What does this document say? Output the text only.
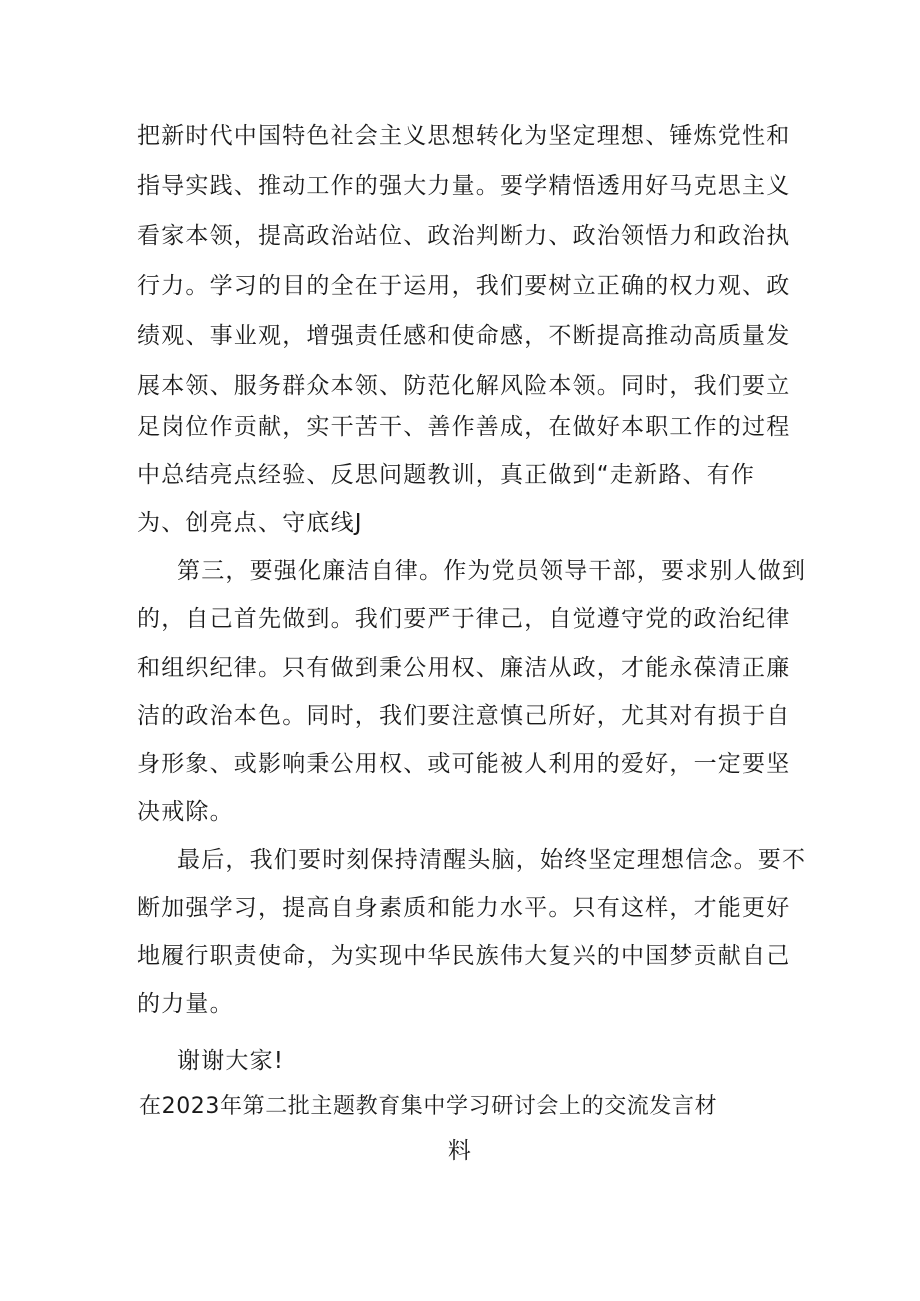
把新时代中国特色社会主义思想转化为坚定理想、锤炼党性和
指导实践、推动工作的强大力量。要学精悟透用好马克思主义
看家本领，提高政治站位、政治判断力、政治领悟力和政治执
行力。学习的目的全在于运用，我们要树立正确的权力观、政
绩观、事业观，增强责任感和使命感，不断提高推动高质量发
展本领、服务群众本领、防范化解风险本领。同时，我们要立
足岗位作贡献，实干苦干、善作善成，在做好本职工作的过程
中总结亮点经验、反思问题教训，真正做到“走新路、有作
为、创亮点、守底线J
第三，要强化廉洁自律。作为党员领导干部，要求别人做到
的，自己首先做到。我们要严于律己，自觉遵守党的政治纪律
和组织纪律。只有做到秉公用权、廉洁从政，才能永葆清正廉
洁的政治本色。同时，我们要注意慎己所好，尤其对有损于自
身形象、或影响秉公用权、或可能被人利用的爱好，一定要坚
决戒除。
最后，我们要时刻保持清醒头脑，始终坚定理想信念。要不
断加强学习，提高自身素质和能力水平。只有这样，才能更好
地履行职责使命，为实现中华民族伟大复兴的中国梦贡献自己
的力量。
谢谢大家!
在2023年第二批主题教育集中学习研讨会上的交流发言材
料
